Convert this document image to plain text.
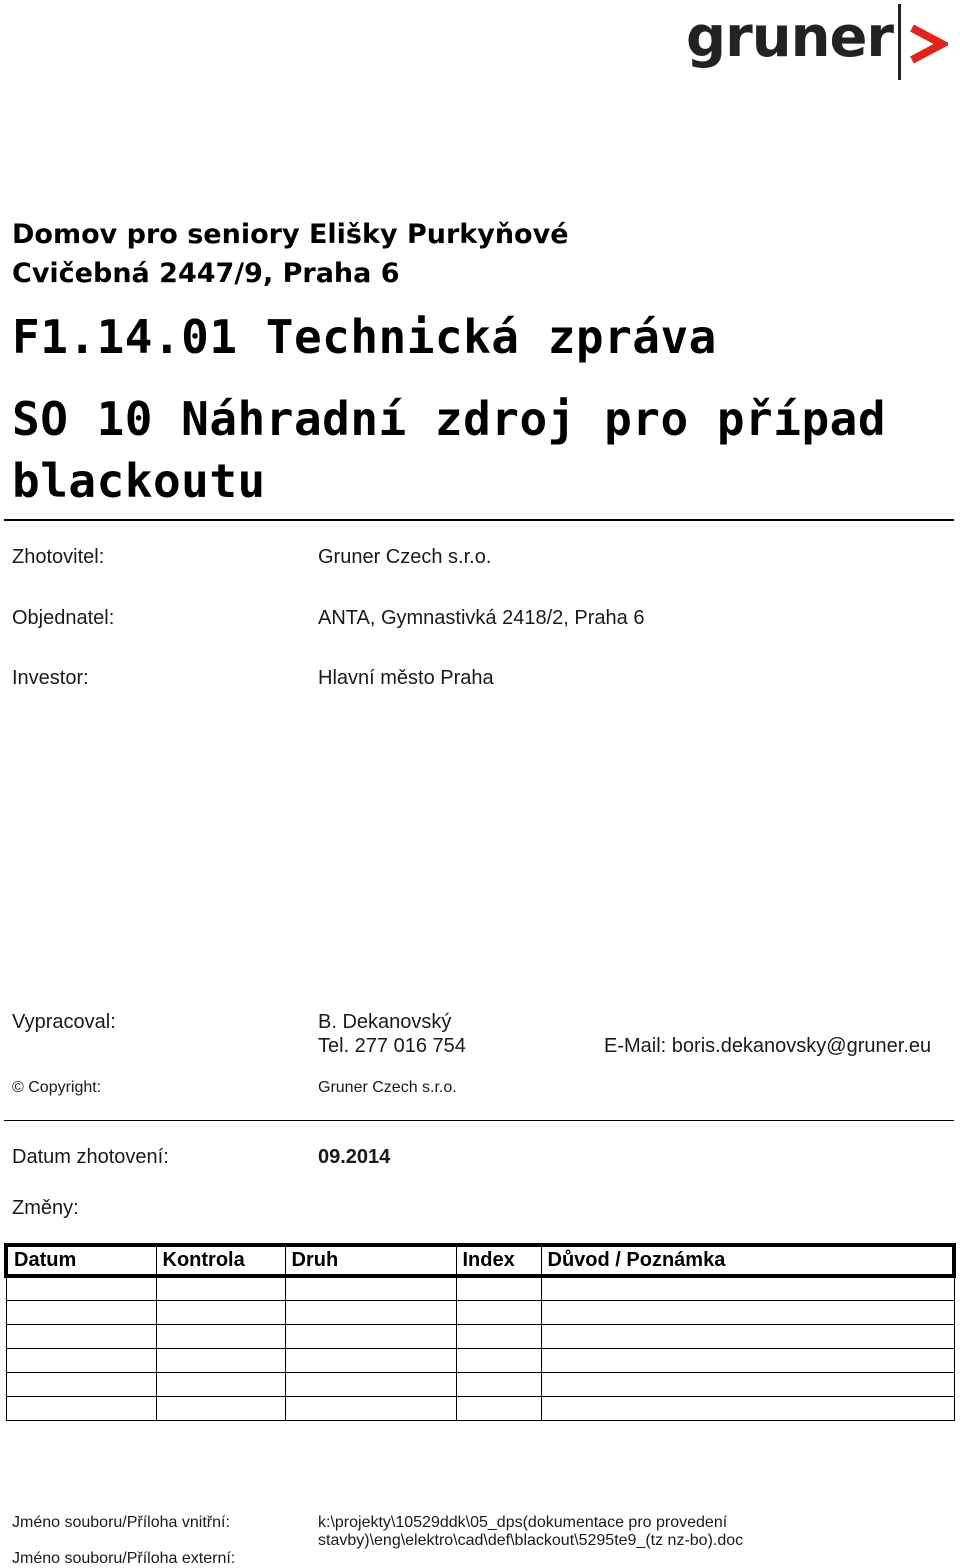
gruner
Domov pro seniory Elišky Purkyňové
Cvičebná 2447/9, Praha 6
F1.14.01 Technická zpráva
SO 10 Náhradní zdroj pro případ
blackoutu
Zhotovitel:	Gruner Czech s.r.o.
Objednatel:	ANTA, Gymnastivká 2418/2, Praha 6
Investor:	Hlavní město Praha
Vypracoval:	B. Dekanovský
Tel. 277 016 754	E-Mail: boris.dekanovsky@gruner.eu
© Copyright:	Gruner Czech s.r.o.
Datum zhotovení:	09.2014
Změny:
Datum	Kontrola	Druh	Index	Důvod / Poznámka

Jméno souboru/Příloha vnitřní:	k:\projekty\10529ddk\05_dps(dokumentace pro provedení
stavby)\eng\elektro\cad\def\blackout\5295te9_(tz nz-bo).doc
Jméno souboru/Příloha externí:
